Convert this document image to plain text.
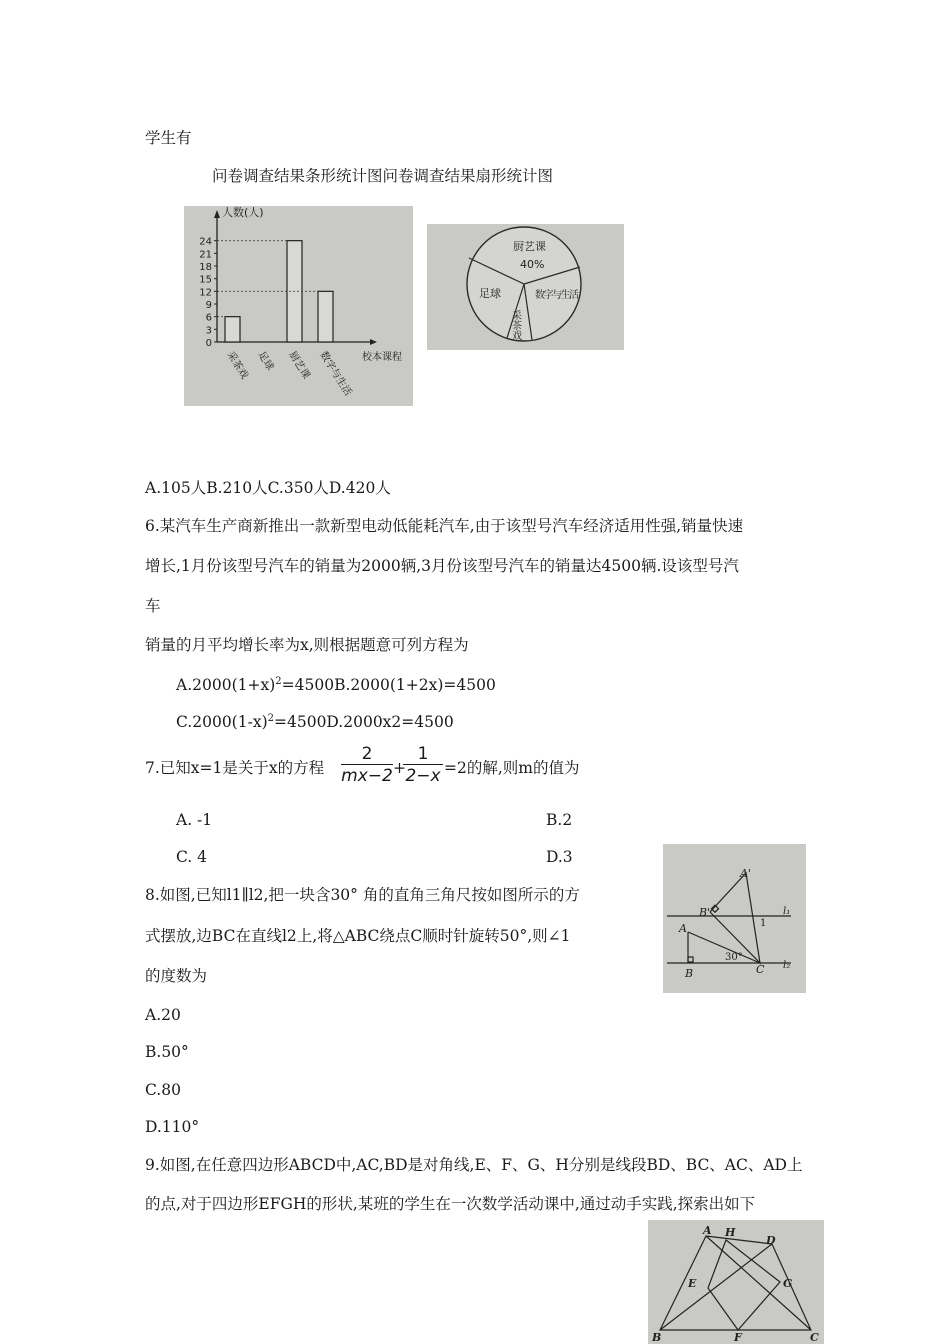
学生有
问卷调查结果条形统计图问卷调查结果扇形统计图
0
3
6
9
12
15
18
21
24
人数(人)
校本课程
采茶戏 足球 厨艺课 数字与生活
厨艺课
40%
足球
采茶戏
数字与生活
A.105人B.210人C.350人D.420人
6.某汽车生产商新推出一款新型电动低能耗汽车,由于该型号汽车经济适用性强,销量快速
增长,1月份该型号汽车的销量为2000辆,3月份该型号汽车的销量达4500辆.设该型号汽
车
销量的月平均增长率为x,则根据题意可列方程为
$A.2000(1+x)^2=4500B.2000(1+2x)=4500$
$C.2000(1-x)^2=4500D.2000x2=4500$
7.已知x=1是关于x的方程
2
mx−2 +
1
2−x =2的解,则m的值为
A. -1	B.2
C. 4	D.3
A'
B'	l₁
1
A
30°
B	C l₂
8.如图,已知l1∥l2,把一块含30° 角的直角三角尺按如图所示的方
式摆放,边BC在直线l2上,将△ABC绕点C顺时针旋转50°,则∠1
的度数为
A.20
B.50°
C.80
D.110°
9.如图,在任意四边形ABCD中,AC,BD是对角线,E、F、G、H分别是线段BD、BC、AC、AD上
的点,对于四边形EFGH的形状,某班的学生在一次数学活动课中,通过动手实践,探索出如下
A H
D
E	G
B	F	C
